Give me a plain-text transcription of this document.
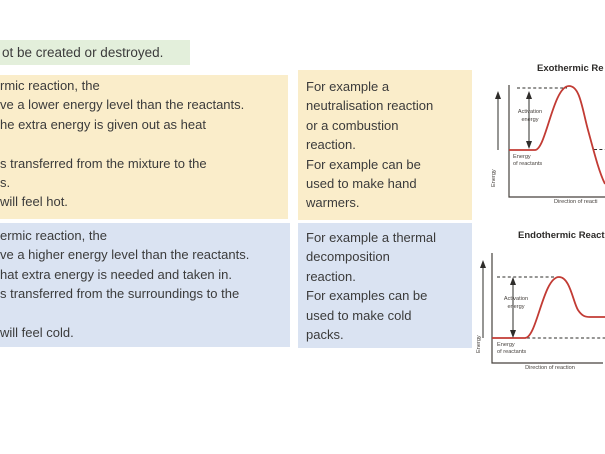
ot be created or destroyed.
rmic reaction, the
ve a lower energy level than the reactants.
he extra energy is given out as heat
s transferred from the mixture to the
s.
will feel hot.
For example a
neutralisation reaction
or a combustion
reaction.
For example can be
used to make hand
warmers.
ermic reaction, the
ve a higher energy level than the reactants.
hat extra energy is needed and taken in.
s transferred from the surroundings to the
will feel cold.
For example a thermal
decomposition
reaction.
For examples can be
used to make cold
packs.
Exothermic Re
Energy
Activation
energy
Energy
of reactants
Direction of reacti
Endothermic React
Energy
Activation
energy
Energy
of reactants
Direction of reaction
